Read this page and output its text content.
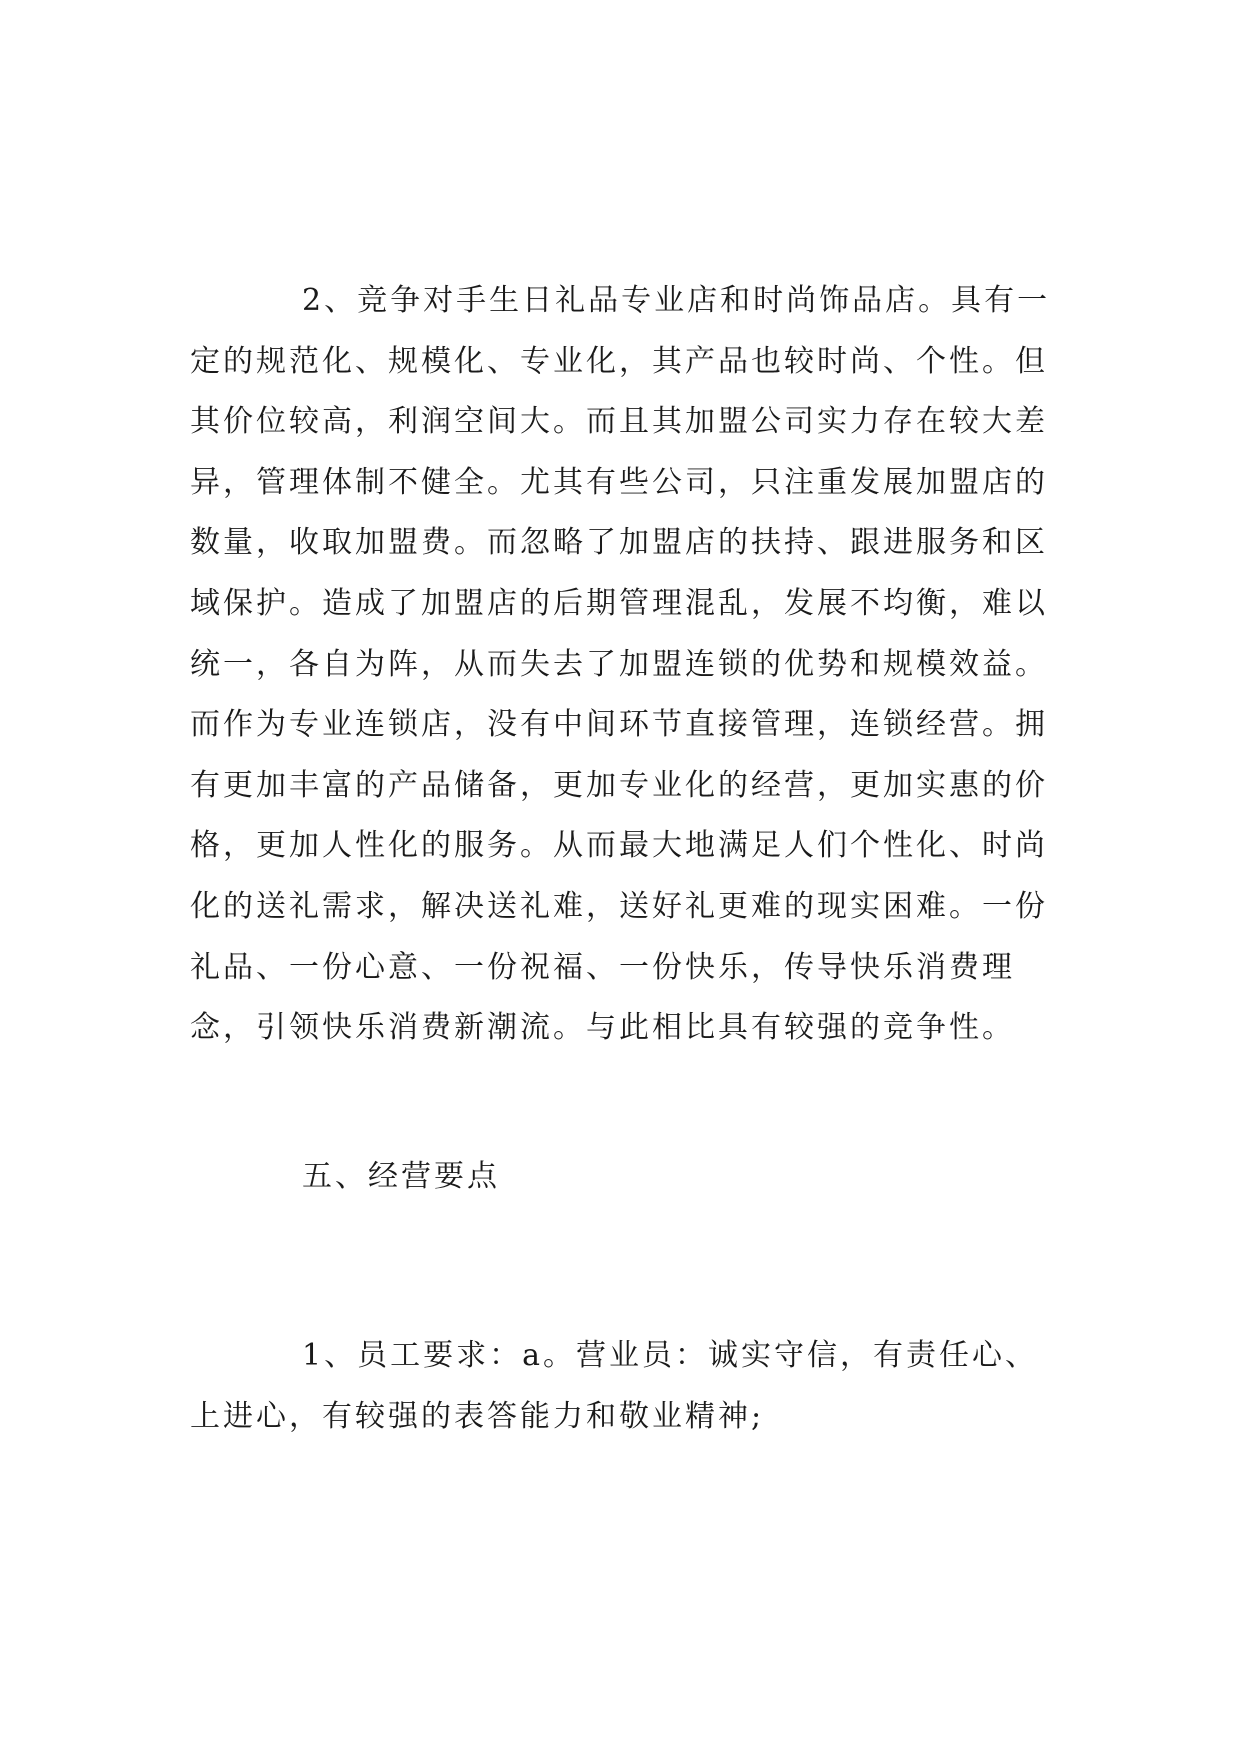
2、竞争对手生日礼品专业店和时尚饰品店。具有一定的规范化、规模化、专业化，其产品也较时尚、个性。但其价位较高，利润空间大。而且其加盟公司实力存在较大差异，管理体制不健全。尤其有些公司，只注重发展加盟店的数量，收取加盟费。而忽略了加盟店的扶持、跟进服务和区域保护。造成了加盟店的后期管理混乱，发展不均衡，难以统一，各自为阵，从而失去了加盟连锁的优势和规模效益。而作为专业连锁店，没有中间环节直接管理，连锁经营。拥有更加丰富的产品储备，更加专业化的经营，更加实惠的价格，更加人性化的服务。从而最大地满足人们个性化、时尚化的送礼需求，解决送礼难，送好礼更难的现实困难。一份礼品、一份心意、一份祝福、一份快乐，传导快乐消费理念，引领快乐消费新潮流。与此相比具有较强的竞争性。

五、经营要点

1、员工要求：a。营业员：诚实守信，有责任心、上进心，有较强的表答能力和敬业精神;
